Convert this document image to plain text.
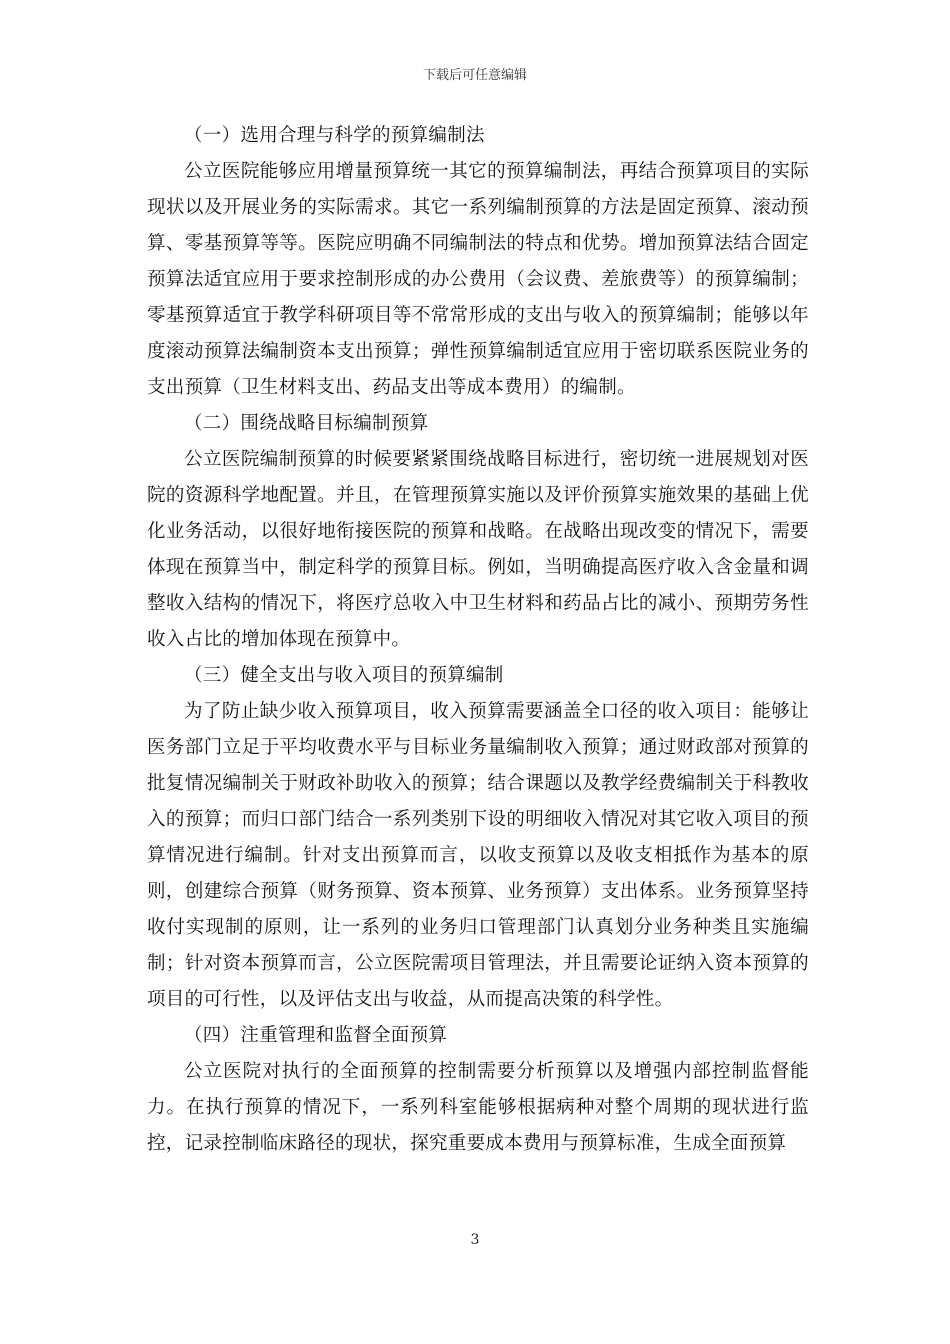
下载后可任意编辑

（一）选用合理与科学的预算编制法

公立医院能够应用增量预算统一其它的预算编制法，再结合预算项目的实际现状以及开展业务的实际需求。其它一系列编制预算的方法是固定预算、滚动预算、零基预算等等。医院应明确不同编制法的特点和优势。增加预算法结合固定预算法适宜应用于要求控制形成的办公费用（会议费、差旅费等）的预算编制；零基预算适宜于教学科研项目等不常常形成的支出与收入的预算编制；能够以年度滚动预算法编制资本支出预算；弹性预算编制适宜应用于密切联系医院业务的支出预算（卫生材料支出、药品支出等成本费用）的编制。

（二）围绕战略目标编制预算

公立医院编制预算的时候要紧紧围绕战略目标进行，密切统一进展规划对医院的资源科学地配置。并且，在管理预算实施以及评价预算实施效果的基础上优化业务活动，以很好地衔接医院的预算和战略。在战略出现改变的情况下，需要体现在预算当中，制定科学的预算目标。例如，当明确提高医疗收入含金量和调整收入结构的情况下，将医疗总收入中卫生材料和药品占比的减小、预期劳务性收入占比的增加体现在预算中。

（三）健全支出与收入项目的预算编制

为了防止缺少收入预算项目，收入预算需要涵盖全口径的收入项目：能够让医务部门立足于平均收费水平与目标业务量编制收入预算；通过财政部对预算的批复情况编制关于财政补助收入的预算；结合课题以及教学经费编制关于科教收入的预算；而归口部门结合一系列类别下设的明细收入情况对其它收入项目的预算情况进行编制。针对支出预算而言，以收支预算以及收支相抵作为基本的原则，创建综合预算（财务预算、资本预算、业务预算）支出体系。业务预算坚持收付实现制的原则，让一系列的业务归口管理部门认真划分业务种类且实施编制；针对资本预算而言，公立医院需项目管理法，并且需要论证纳入资本预算的项目的可行性，以及评估支出与收益，从而提高决策的科学性。

（四）注重管理和监督全面预算

公立医院对执行的全面预算的控制需要分析预算以及增强内部控制监督能力。在执行预算的情况下，一系列科室能够根据病种对整个周期的现状进行监控，记录控制临床路径的现状，探究重要成本费用与预算标准，生成全面预算

3
